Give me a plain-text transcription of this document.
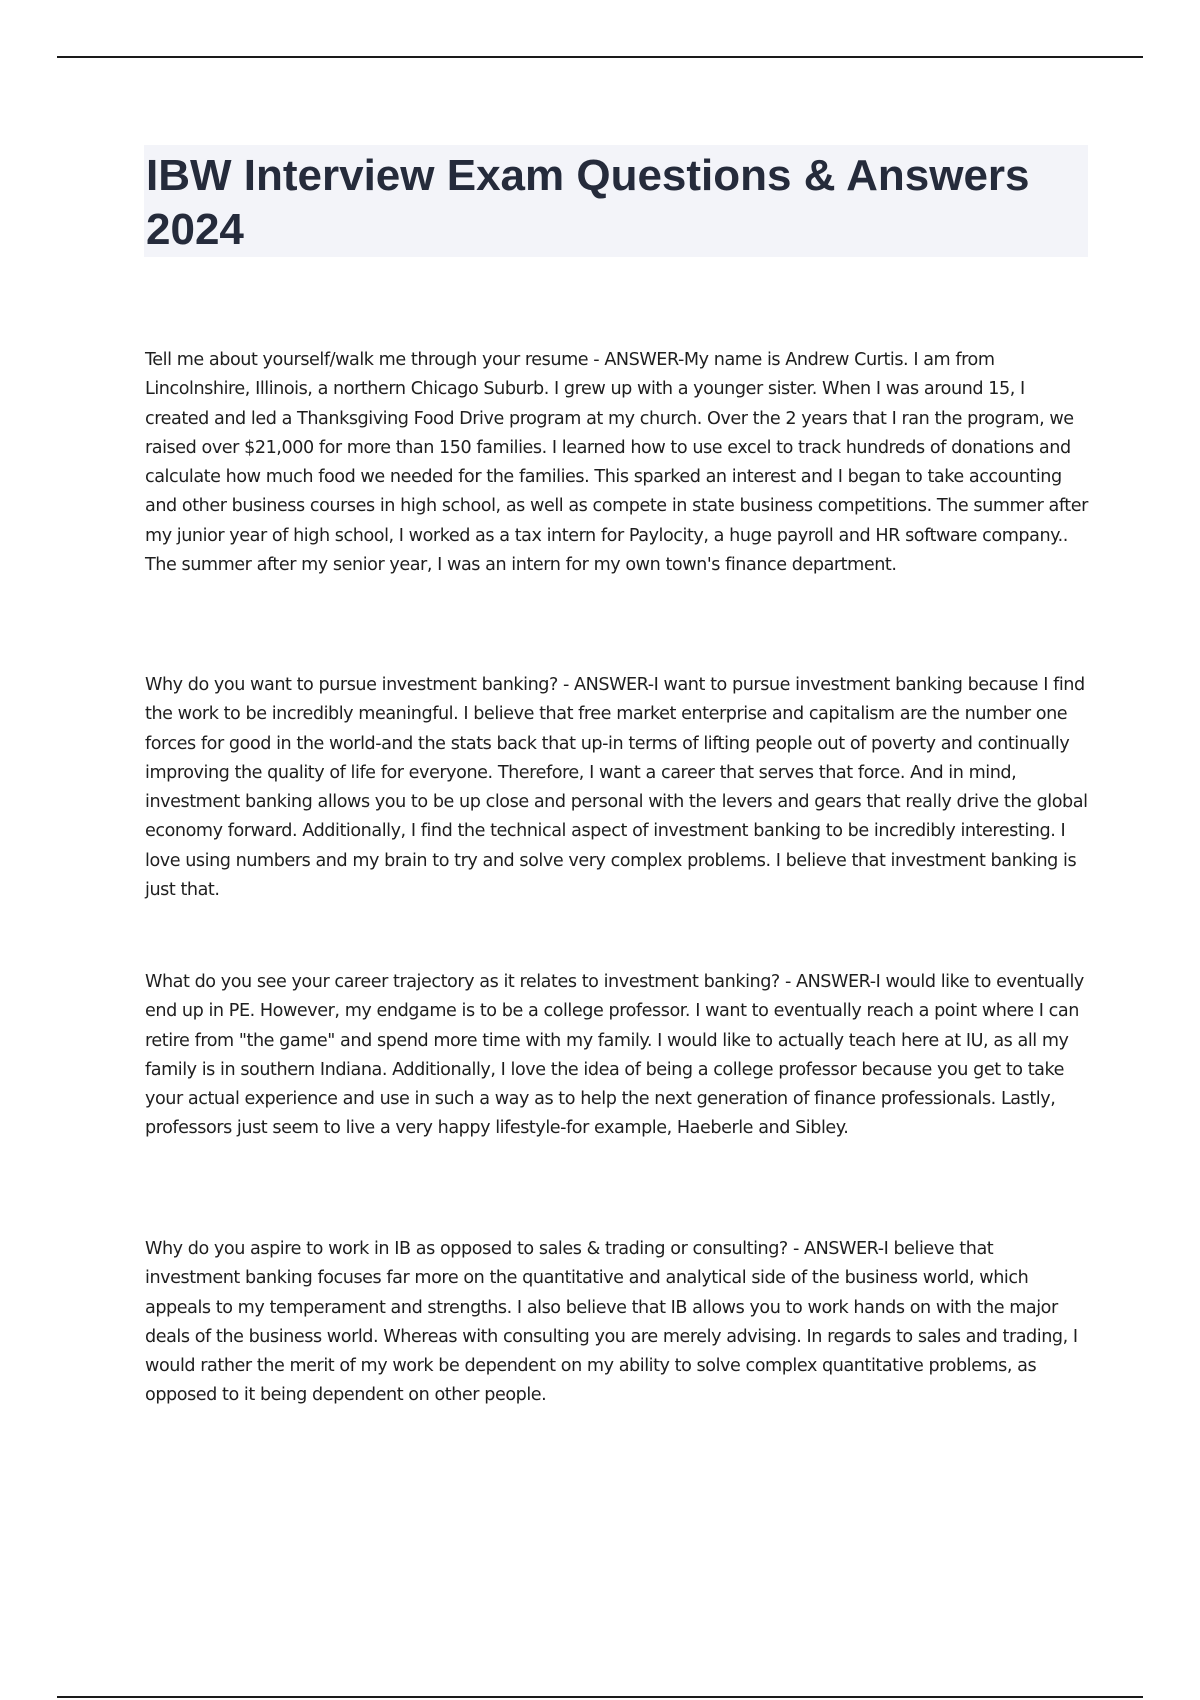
IBW Interview Exam Questions & Answers 2024

Tell me about yourself/walk me through your resume - ANSWER-My name is Andrew Curtis. I am from Lincolnshire, Illinois, a northern Chicago Suburb. I grew up with a younger sister. When I was around 15, I created and led a Thanksgiving Food Drive program at my church. Over the 2 years that I ran the program, we raised over $21,000 for more than 150 families. I learned how to use excel to track hundreds of donations and calculate how much food we needed for the families. This sparked an interest and I began to take accounting and other business courses in high school, as well as compete in state business competitions. The summer after my junior year of high school, I worked as a tax intern for Paylocity, a huge payroll and HR software company.. The summer after my senior year, I was an intern for my own town's finance department.

Why do you want to pursue investment banking? - ANSWER-I want to pursue investment banking because I find the work to be incredibly meaningful. I believe that free market enterprise and capitalism are the number one forces for good in the world-and the stats back that up-in terms of lifting people out of poverty and continually improving the quality of life for everyone. Therefore, I want a career that serves that force. And in mind, investment banking allows you to be up close and personal with the levers and gears that really drive the global economy forward. Additionally, I find the technical aspect of investment banking to be incredibly interesting. I love using numbers and my brain to try and solve very complex problems. I believe that investment banking is just that.

What do you see your career trajectory as it relates to investment banking? - ANSWER-I would like to eventually end up in PE. However, my endgame is to be a college professor. I want to eventually reach a point where I can retire from "the game" and spend more time with my family. I would like to actually teach here at IU, as all my family is in southern Indiana. Additionally, I love the idea of being a college professor because you get to take your actual experience and use in such a way as to help the next generation of finance professionals. Lastly, professors just seem to live a very happy lifestyle-for example, Haeberle and Sibley.

Why do you aspire to work in IB as opposed to sales & trading or consulting? - ANSWER-I believe that investment banking focuses far more on the quantitative and analytical side of the business world, which appeals to my temperament and strengths. I also believe that IB allows you to work hands on with the major deals of the business world. Whereas with consulting you are merely advising. In regards to sales and trading, I would rather the merit of my work be dependent on my ability to solve complex quantitative problems, as opposed to it being dependent on other people.
